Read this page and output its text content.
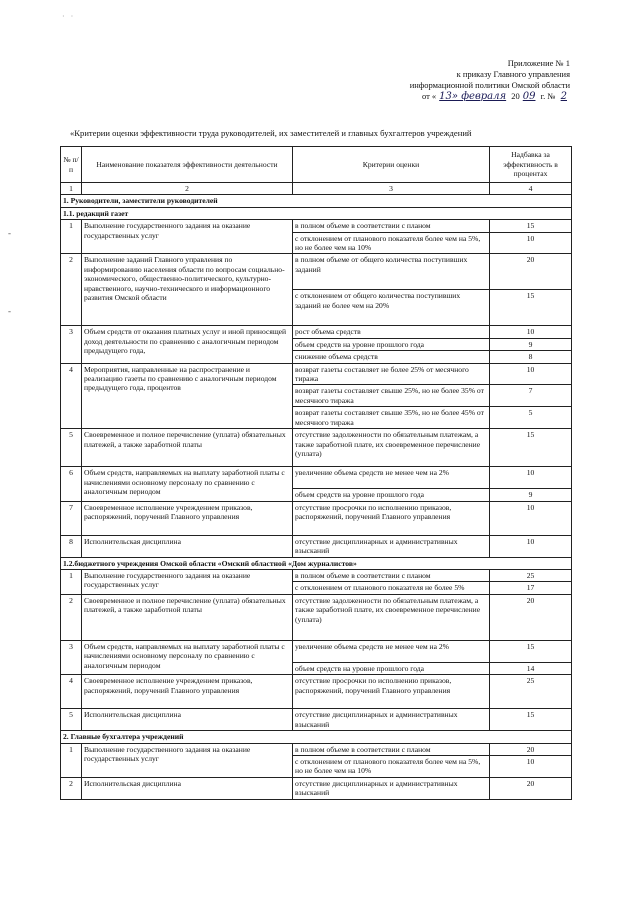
· ·
-
-
Приложение № 1
к приказу Главного управления
информационной политики Омской области
от « 13» февраля 20 09 г. № 2
«Критерии оценки эффективности труда руководителей, их заместителей и главных бухгалтеров учреждений
№ п/п	Наименование показателя эффективности деятельности	Критерии оценки	Надбавка за эффективность в процентах
1	2	3	4
1. Руководители, заместители руководителей			
1.1. редакций газет			
1	Выполнение государственного задания на оказание государственных услуг	в полном объеме в соответствии с планом	15
		с отклонением от планового показателя более чем на 5%, но не более чем на 10%	10
2	Выполнение заданий Главного управления по информированию населения области по вопросам социально-экономического, общественно-политического, культурно-нравственного, научно-технического и информационного развития Омской области	в полном объеме от общего количества поступивших заданий	20
		с отклонением от общего количества поступивших заданий не более чем на 20%	15
3	Объем средств от оказания платных услуг и иной приносящей доход деятельности по сравнению с аналогичным периодом предыдущего года,	рост объема средств	10
		объем средств на уровне прошлого года	9
		снижение объема средств	8
4	Мероприятия, направленные на распространение и реализацию газеты по сравнению с аналогичным периодом предыдущего года, процентов	возврат газеты составляет не более 25% от месячного тиража	10
		возврат газеты составляет свыше 25%, но не более 35% от месячного тиража	7
		возврат газеты составляет свыше 35%, но не более 45% от месячного тиража	5
5	Своевременное и полное перечисление (уплата) обязательных платежей, а также заработной платы	отсутствие задолженности по обязательным платежам, а также заработной плате, их своевременное перечисление (уплата)	15
6	Объем средств, направляемых на выплату заработной платы с начислениями основному персоналу по сравнению с аналогичным периодом	увеличение объема средств не менее чем на 2%	10
		объем средств на уровне прошлого года	9
7	Своевременное исполнение учреждением приказов, распоряжений, поручений Главного управления	отсутствие просрочки по исполнению приказов, распоряжений, поручений Главного управления	10
8	Исполнительская дисциплина	отсутствие дисциплинарных и административных взысканий	10
1.2.бюджетного учреждения Омской области «Омский областной «Дом журналистов»			
1	Выполнение государственного задания на оказание государственных услуг	в полном объеме в соответствии с планом	25
		с отклонением от планового показателя не более 5%	17
2	Своевременное и полное перечисление (уплата) обязательных платежей, а также заработной платы	отсутствие задолженности по обязательным платежам, а также заработной плате, их своевременное перечисление (уплата)	20
3	Объем средств, направляемых на выплату заработной платы с начислениями основному персоналу по сравнению с аналогичным периодом	увеличение объема средств не менее чем на 2%	15
		объем средств на уровне прошлого года	14
4	Своевременное исполнение учреждением приказов, распоряжений, поручений Главного управления	отсутствие просрочки по исполнению приказов, распоряжений, поручений Главного управления	25
5	Исполнительская дисциплина	отсутствие дисциплинарных и административных взысканий	15
2. Главные бухгалтера учреждений			
1	Выполнение государственного задания на оказание государственных услуг	в полном объеме в соответствии с планом	20
		с отклонением от планового показателя более чем на 5%, но не более чем на 10%	10
2	Исполнительская дисциплина	отсутствие дисциплинарных и административных взысканий	20
